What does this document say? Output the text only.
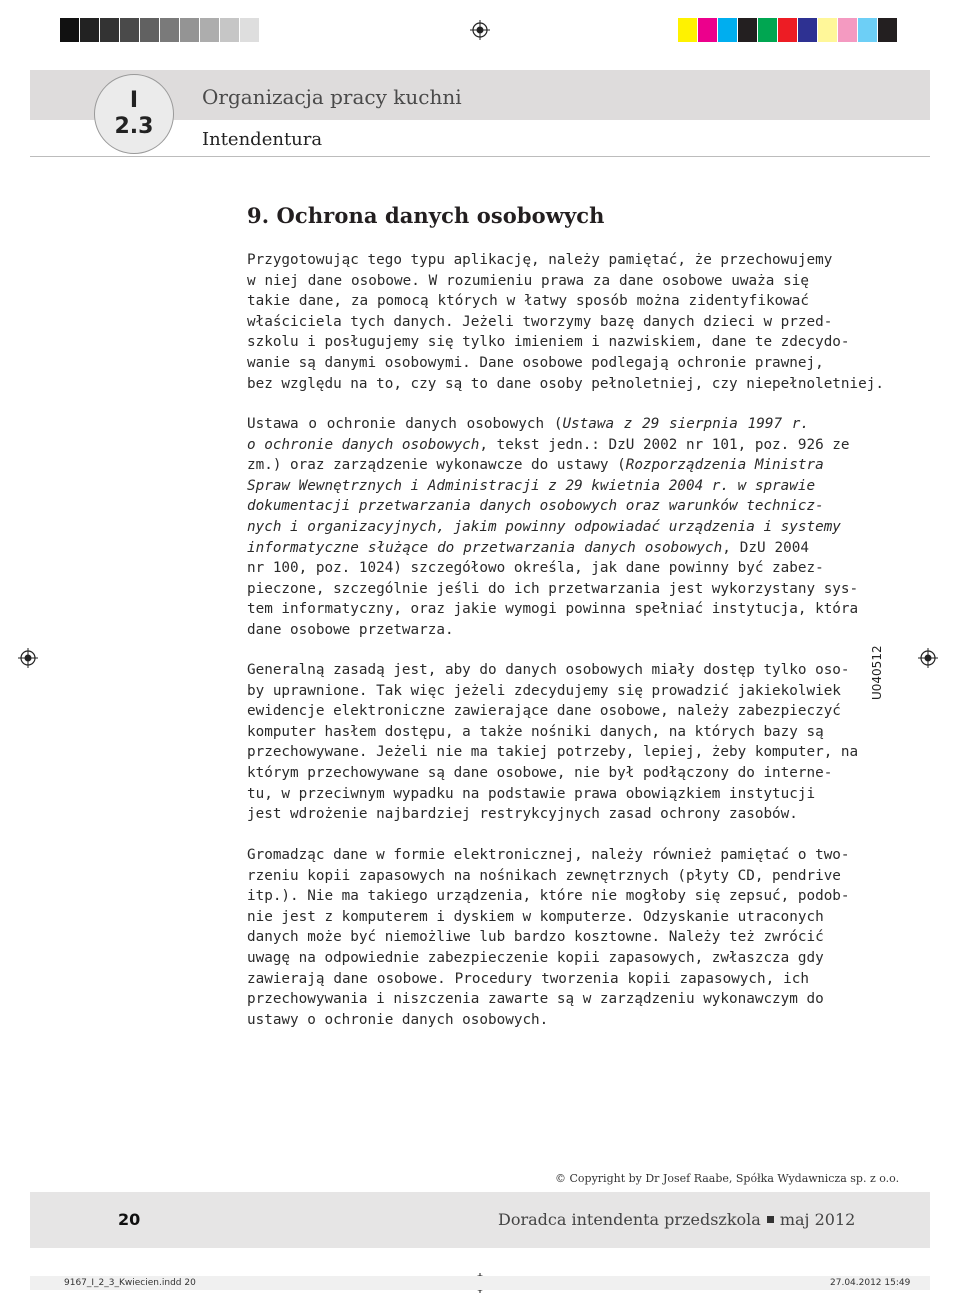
I
2.3
Organizacja pracy kuchni
Intendentura
9. Ochrona danych osobowych
Przygotowując tego typu aplikację, należy pamiętać, że przechowujemy
w niej dane osobowe. W rozumieniu prawa za dane osobowe uważa się
takie dane, za pomocą których w łatwy sposób można zidentyfikować
właściciela tych danych. Jeżeli tworzymy bazę danych dzieci w przed-
szkolu i posługujemy się tylko imieniem i nazwiskiem, dane te zdecydo-
wanie są danymi osobowymi. Dane osobowe podlegają ochronie prawnej,
bez względu na to, czy są to dane osoby pełnoletniej, czy niepełnoletniej.
Ustawa o ochronie danych osobowych (Ustawa z 29 sierpnia 1997 r.
o ochronie danych osobowych, tekst jedn.: DzU 2002 nr 101, poz. 926 ze
zm.) oraz zarządzenie wykonawcze do ustawy (Rozporządzenia Ministra
Spraw Wewnętrznych i Administracji z 29 kwietnia 2004 r. w sprawie
dokumentacji przetwarzania danych osobowych oraz warunków technicz-
nych i organizacyjnych, jakim powinny odpowiadać urządzenia i systemy
informatyczne służące do przetwarzania danych osobowych, DzU 2004
nr 100, poz. 1024) szczegółowo określa, jak dane powinny być zabez-
pieczone, szczególnie jeśli do ich przetwarzania jest wykorzystany sys-
tem informatyczny, oraz jakie wymogi powinna spełniać instytucja, która
dane osobowe przetwarza.
Generalną zasadą jest, aby do danych osobowych miały dostęp tylko oso-
by uprawnione. Tak więc jeżeli zdecydujemy się prowadzić jakiekolwiek
ewidencje elektroniczne zawierające dane osobowe, należy zabezpieczyć
komputer hasłem dostępu, a także nośniki danych, na których bazy są
przechowywane. Jeżeli nie ma takiej potrzeby, lepiej, żeby komputer, na
którym przechowywane są dane osobowe, nie był podłączony do interne-
tu, w przeciwnym wypadku na podstawie prawa obowiązkiem instytucji
jest wdrożenie najbardziej restrykcyjnych zasad ochrony zasobów.
Gromadząc dane w formie elektronicznej, należy również pamiętać o two-
rzeniu kopii zapasowych na nośnikach zewnętrznych (płyty CD, pendrive
itp.). Nie ma takiego urządzenia, które nie mogłoby się zepsuć, podob-
nie jest z komputerem i dyskiem w komputerze. Odzyskanie utraconych
danych może być niemożliwe lub bardzo kosztowne. Należy też zwrócić
uwagę na odpowiednie zabezpieczenie kopii zapasowych, zwłaszcza gdy
zawierają dane osobowe. Procedury tworzenia kopii zapasowych, ich
przechowywania i niszczenia zawarte są w zarządzeniu wykonawczym do
ustawy o ochronie danych osobowych.
U040512
© Copyright by Dr Josef Raabe, Spółka Wydawnicza sp. z o.o.
20	Doradca intendenta przedszkola maj 2012
9167_I_2_3_Kwiecien.indd 20	27.04.2012 15:49
